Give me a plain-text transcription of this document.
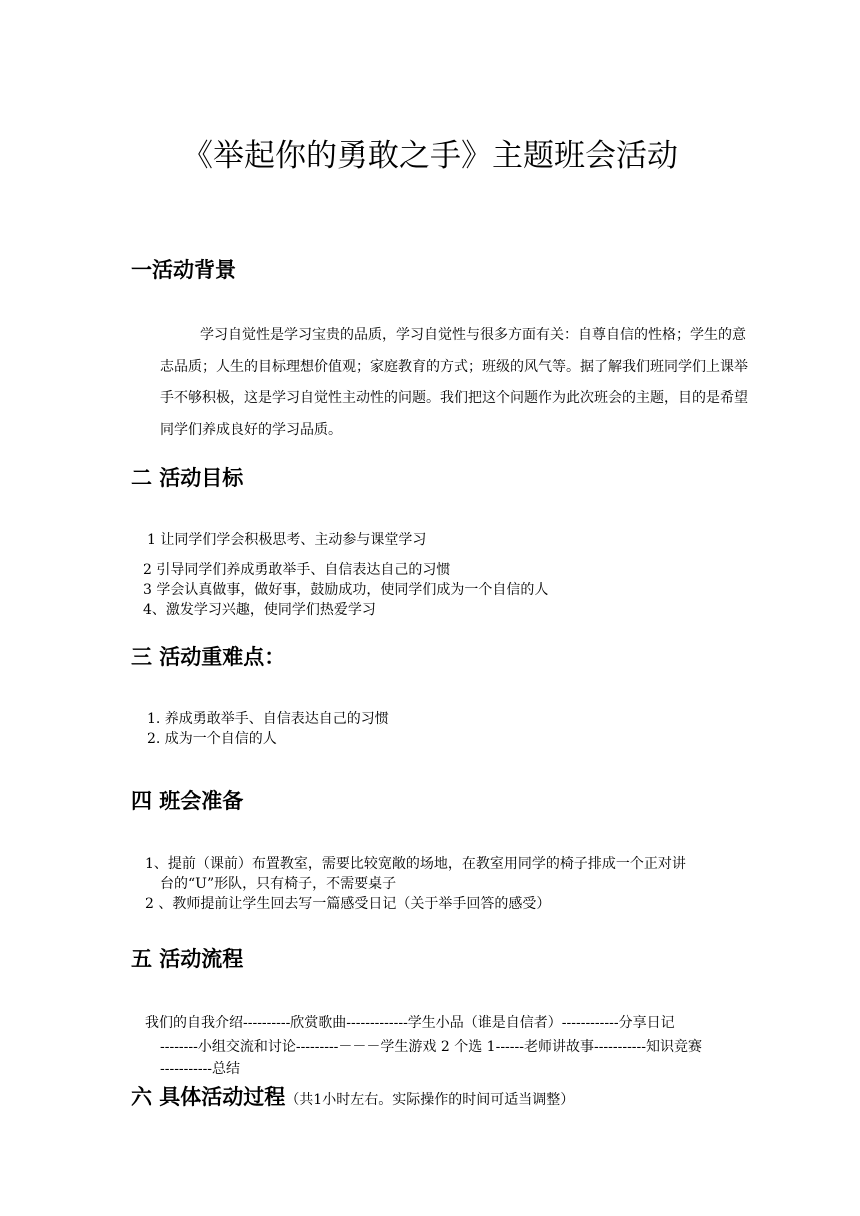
《举起你的勇敢之手》主题班会活动
一活动背景
学习自觉性是学习宝贵的品质，学习自觉性与很多方面有关：自尊自信的性格；学生的意志品质；人生的目标理想价值观；家庭教育的方式；班级的风气等。据了解我们班同学们上课举手不够积极，这是学习自觉性主动性的问题。我们把这个问题作为此次班会的主题，目的是希望同学们养成良好的学习品质。
二 活动目标
1 让同学们学会积极思考、主动参与课堂学习
2 引导同学们养成勇敢举手、自信表达自己的习惯
3 学会认真做事，做好事，鼓励成功，使同学们成为一个自信的人
4、激发学习兴趣，使同学们热爱学习
三 活动重难点：
1. 养成勇敢举手、自信表达自己的习惯
2. 成为一个自信的人
四 班会准备
1、提前（课前）布置教室，需要比较宽敞的场地，在教室用同学的椅子排成一个正对讲
台的“U”形队，只有椅子，不需要桌子
2 、教师提前让学生回去写一篇感受日记（关于举手回答的感受）
五 活动流程
我们的自我介绍----------欣赏歌曲-------------学生小品（谁是自信者）------------分享日记
--------小组交流和讨论---------－－－学生游戏 2 个选 1------老师讲故事-----------知识竞赛
-----------总结
六 具体活动过程（共1小时左右。实际操作的时间可适当调整）
